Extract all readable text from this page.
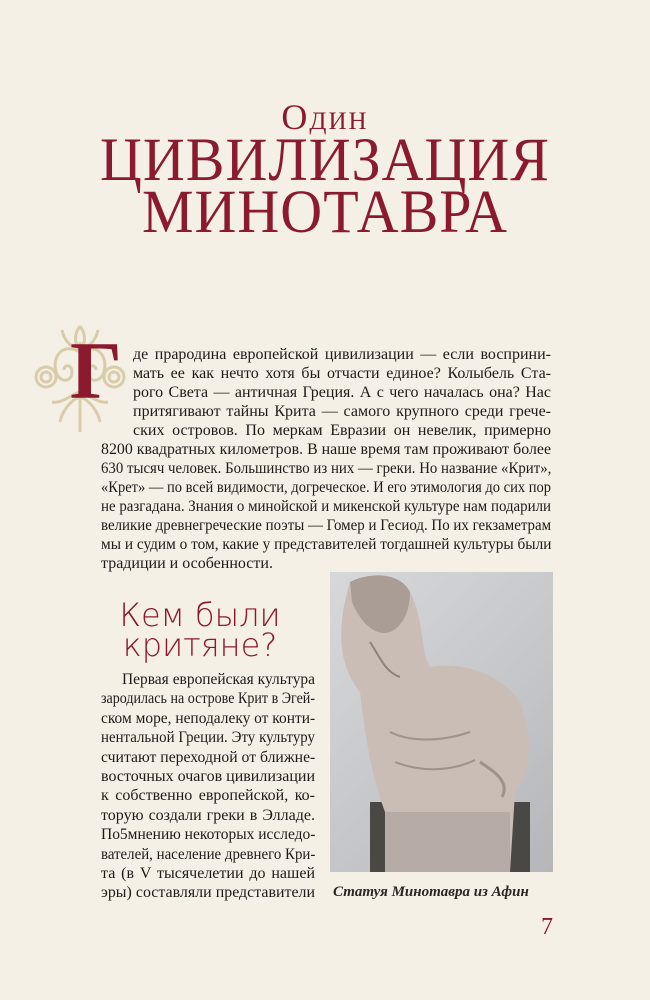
Один
ЦИВИЛИЗАЦИЯ
МИНОТАВРА
Г де прародина европейской цивилизации — если восприни-
мать ее как нечто хотя бы отчасти единое? Колыбель Ста-
рого Света — античная Греция. А с чего началась она? Нас
притягивают тайны Крита — самого крупного среди грече-
ских островов. По меркам Евразии он невелик, примерно
8200 квадратных километров. В наше время там проживают более
630 тысяч человек. Большинство из них — греки. Но название «Крит»,
«Крет» — по всей видимости, догреческое. И его этимология до сих пор
не разгадана. Знания о минойской и микенской культуре нам подарили
великие древнегреческие поэты — Гомер и Гесиод. По их гекзаметрам
мы и судим о том, какие у представителей тогдашней культуры были
традиции и особенности.
Кем были
критяне?
Первая европейская культура
зародилась на острове Крит в Эгей-
ском море, неподалеку от конти-
нентальной Греции. Эту культуру
считают переходной от ближне-
восточных очагов цивилизации
к собственно европейской, ко-
торую создали греки в Элладе.
По5мнению некоторых исследо-
вателей, население древнего Кри-
та (в V тысячелетии до нашей
эры) составляли представители Статуя Минотавра из Афин
7
